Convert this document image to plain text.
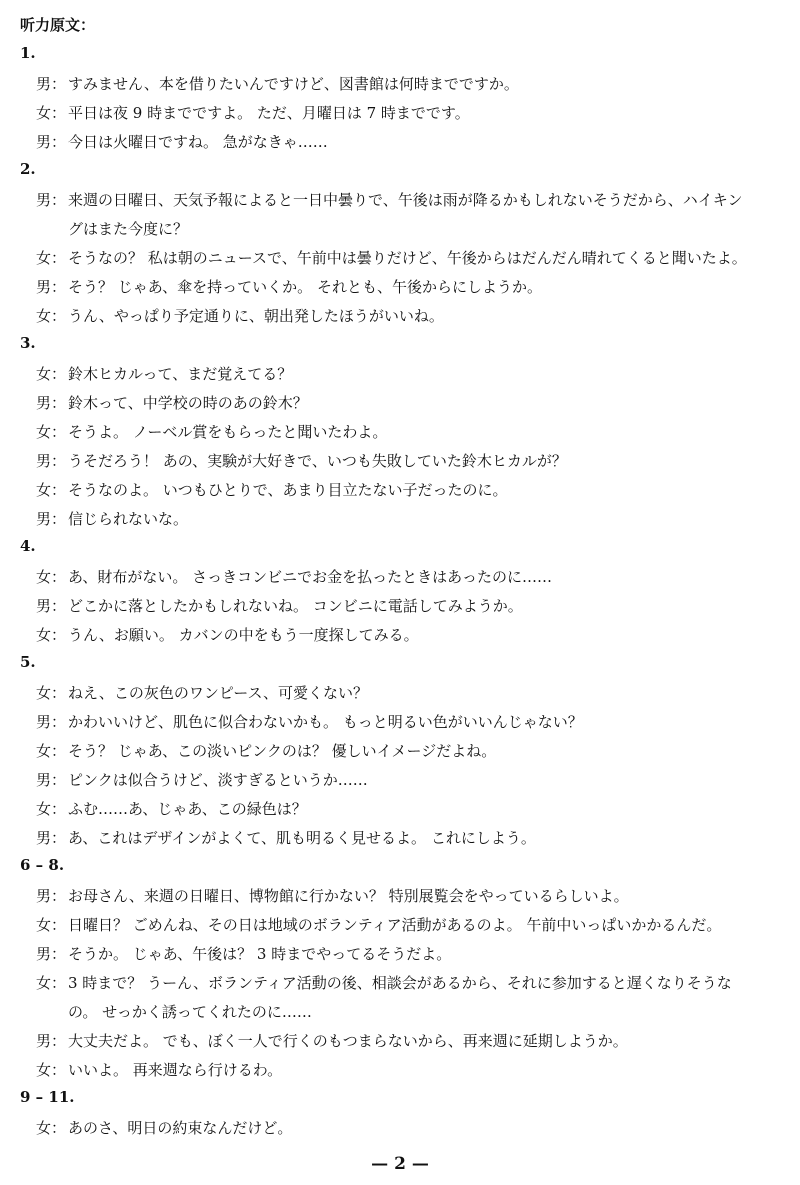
听力原文：
1.
男： すみません、本を借りたいんですけど、図書館は何時までですか。
女： 平日は夜 9 時までですよ。 ただ、月曜日は 7 時までです。
男： 今日は火曜日ですね。 急がなきゃ……
2.
男： 来週の日曜日、天気予報によると一日中曇りで、午後は雨が降るかもしれないそうだから、ハイキン
グはまた今度に？
女： そうなの？ 私は朝のニュースで、午前中は曇りだけど、午後からはだんだん晴れてくると聞いたよ。
男： そう？ じゃあ、傘を持っていくか。 それとも、午後からにしようか。
女： うん、やっぱり予定通りに、朝出発したほうがいいね。
3.
女： 鈴木ヒカルって、まだ覚えてる？
男： 鈴木って、中学校の時のあの鈴木？
女： そうよ。 ノーベル賞をもらったと聞いたわよ。
男： うそだろう！ あの、実験が大好きで、いつも失敗していた鈴木ヒカルが？
女： そうなのよ。 いつもひとりで、あまり目立たない子だったのに。
男： 信じられないな。
4.
女： あ、財布がない。 さっきコンビニでお金を払ったときはあったのに……
男： どこかに落としたかもしれないね。 コンビニに電話してみようか。
女： うん、お願い。 カバンの中をもう一度探してみる。
5.
女： ねえ、この灰色のワンピース、可愛くない？
男： かわいいけど、肌色に似合わないかも。 もっと明るい色がいいんじゃない？
女： そう？ じゃあ、この淡いピンクのは？ 優しいイメージだよね。
男： ピンクは似合うけど、淡すぎるというか……
女： ふむ……あ、じゃあ、この緑色は？
男： あ、これはデザインがよくて、肌も明るく見せるよ。 これにしよう。
6 – 8.
男： お母さん、来週の日曜日、博物館に行かない？ 特別展覧会をやっているらしいよ。
女： 日曜日？ ごめんね、その日は地域のボランティア活動があるのよ。 午前中いっぱいかかるんだ。
男： そうか。 じゃあ、午後は？ 3 時までやってるそうだよ。
女： 3 時まで？ うーん、ボランティア活動の後、相談会があるから、それに参加すると遅くなりそうな
の。 せっかく誘ってくれたのに……
男： 大丈夫だよ。 でも、ぼく一人で行くのもつまらないから、再来週に延期しようか。
女： いいよ。 再来週なら行けるわ。
9 – 11.
女： あのさ、明日の約束なんだけど。
— 2 —
